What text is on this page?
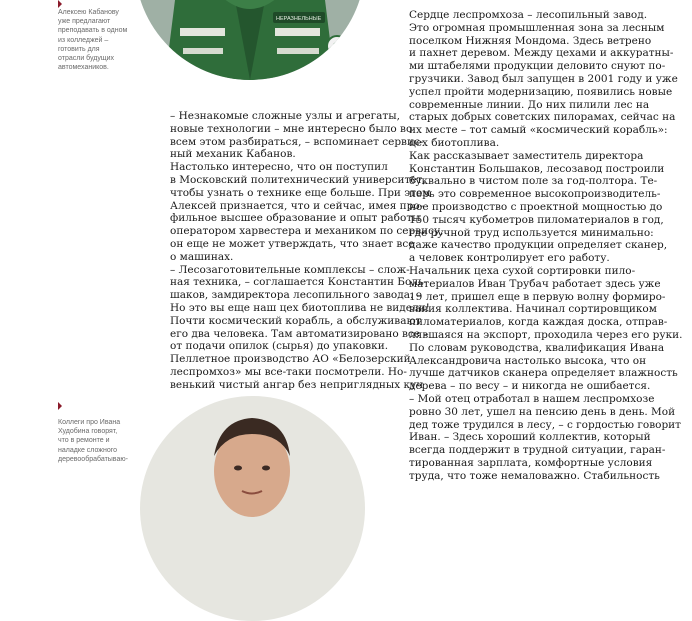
Алексею Кабанову
уже предлагают
преподавать в одном
из колледжей –
готовить для
отрасли будущих
автомехаников.

Коллеги про Ивана
Худобина говорят,
что в ремонте и
наладке сложного
деревообрабатываю-

НЕРАЗНЕЛЬНЫЕ

– Незнакомые сложные узлы и агрегаты,
новые технологии – мне интересно было во
всем этом разбираться, – вспоминает сервис-
ный механик Кабанов.

Настолько интересно, что он поступил
в Московский политехнический университет,
чтобы узнать о технике еще больше. При этом
Алексей признается, что и сейчас, имея про-
фильное высшее образование и опыт работы
оператором харвестера и механиком по сервису,
он еще не может утверждать, что знает все
о машинах.

– Лесозаготовительные комплексы – слож-
ная техника, – соглашается Константин Боль-
шаков, замдиректора лесопильного завода. –
Но это вы еще наш цех биотоплива не видели!
Почти космический корабль, а обслуживают
его два человека. Там автоматизировано все –
от подачи опилок (сырья) до упаковки.

Пеллетное производство АО «Белозерский
леспромхоз» мы все-таки посмотрели. Но-
венький чистый ангар без неприглядных куч

Сердце леспромхоза – лесопильный завод.
Это огромная промышленная зона за лесным
поселком Нижняя Мондома. Здесь ветрено
и пахнет деревом. Между цехами и аккуратны-
ми штабелями продукции деловито снуют по-
грузчики. Завод был запущен в 2001 году и уже
успел пройти модернизацию, появились новые
современные линии. До них пилили лес на
старых добрых советских пилорамах, сейчас на
их месте – тот самый «космический корабль»:
цех биотоплива.

Как рассказывает заместитель директора
Константин Большаков, лесозавод построили
буквально в чистом поле за год-полтора. Те-
перь это современное высокопроизводитель-
ное производство с проектной мощностью до
150 тысяч кубометров пиломатериалов в год,
где ручной труд используется минимально:
даже качество продукции определяет сканер,
а человек контролирует его работу.

Начальник цеха сухой сортировки пило-
материалов Иван Трубач работает здесь уже
19 лет, пришел еще в первую волну формиро-
вания коллектива. Начинал сортировщиком
пиломатериалов, когда каждая доска, отправ-
лявшаяся на экспорт, проходила через его руки.
По словам руководства, квалификация Ивана
Александровича настолько высока, что он
лучше датчиков сканера определяет влажность
дерева – по весу – и никогда не ошибается.

– Мой отец отработал в нашем леспромхозе
ровно 30 лет, ушел на пенсию день в день. Мой
дед тоже трудился в лесу, – с гордостью говорит
Иван. – Здесь хороший коллектив, который
всегда поддержит в трудной ситуации, гаран-
тированная зарплата, комфортные условия
труда, что тоже немаловажно. Стабильность
